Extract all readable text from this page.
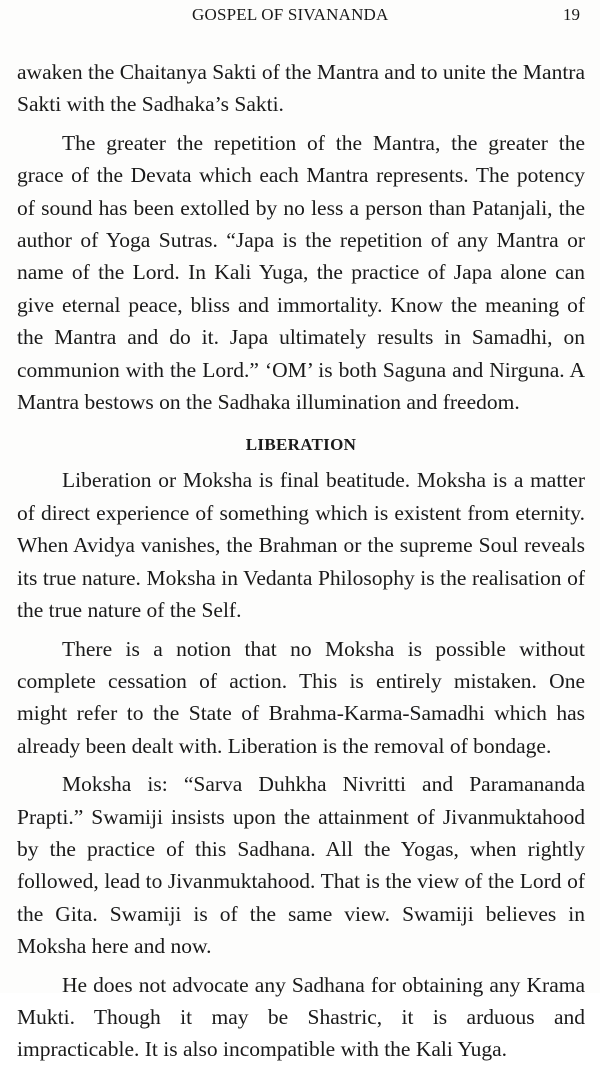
GOSPEL OF SIVANANDA	19

awaken the Chaitanya Sakti of the Mantra and to unite the Mantra Sakti with the Sadhaka’s Sakti.

The greater the repetition of the Mantra, the greater the grace of the Devata which each Mantra represents. The potency of sound has been extolled by no less a person than Patanjali, the author of Yoga Sutras. “Japa is the repetition of any Mantra or name of the Lord. In Kali Yuga, the practice of Japa alone can give eternal peace, bliss and immortality. Know the meaning of the Mantra and do it. Japa ultimately results in Samadhi, on communion with the Lord.” ‘OM’ is both Saguna and Nirguna. A Mantra bestows on the Sadhaka illumination and freedom.

LIBERATION

Liberation or Moksha is final beatitude. Moksha is a matter of direct experience of something which is existent from eternity. When Avidya vanishes, the Brahman or the supreme Soul reveals its true nature. Moksha in Vedanta Philosophy is the realisation of the true nature of the Self.

There is a notion that no Moksha is possible without complete cessation of action. This is entirely mistaken. One might refer to the State of Brahma-Karma-Samadhi which has already been dealt with. Liberation is the removal of bondage.

Moksha is: “Sarva Duhkha Nivritti and Paramananda Prapti.” Swamiji insists upon the attainment of Jivanmuktahood by the practice of this Sadhana. All the Yogas, when rightly followed, lead to Jivanmuktahood. That is the view of the Lord of the Gita. Swamiji is of the same view. Swamiji believes in Moksha here and now.

He does not advocate any Sadhana for obtaining any Krama Mukti. Though it may be Shastric, it is arduous and impracticable. It is also incompatible with the Kali Yuga.
